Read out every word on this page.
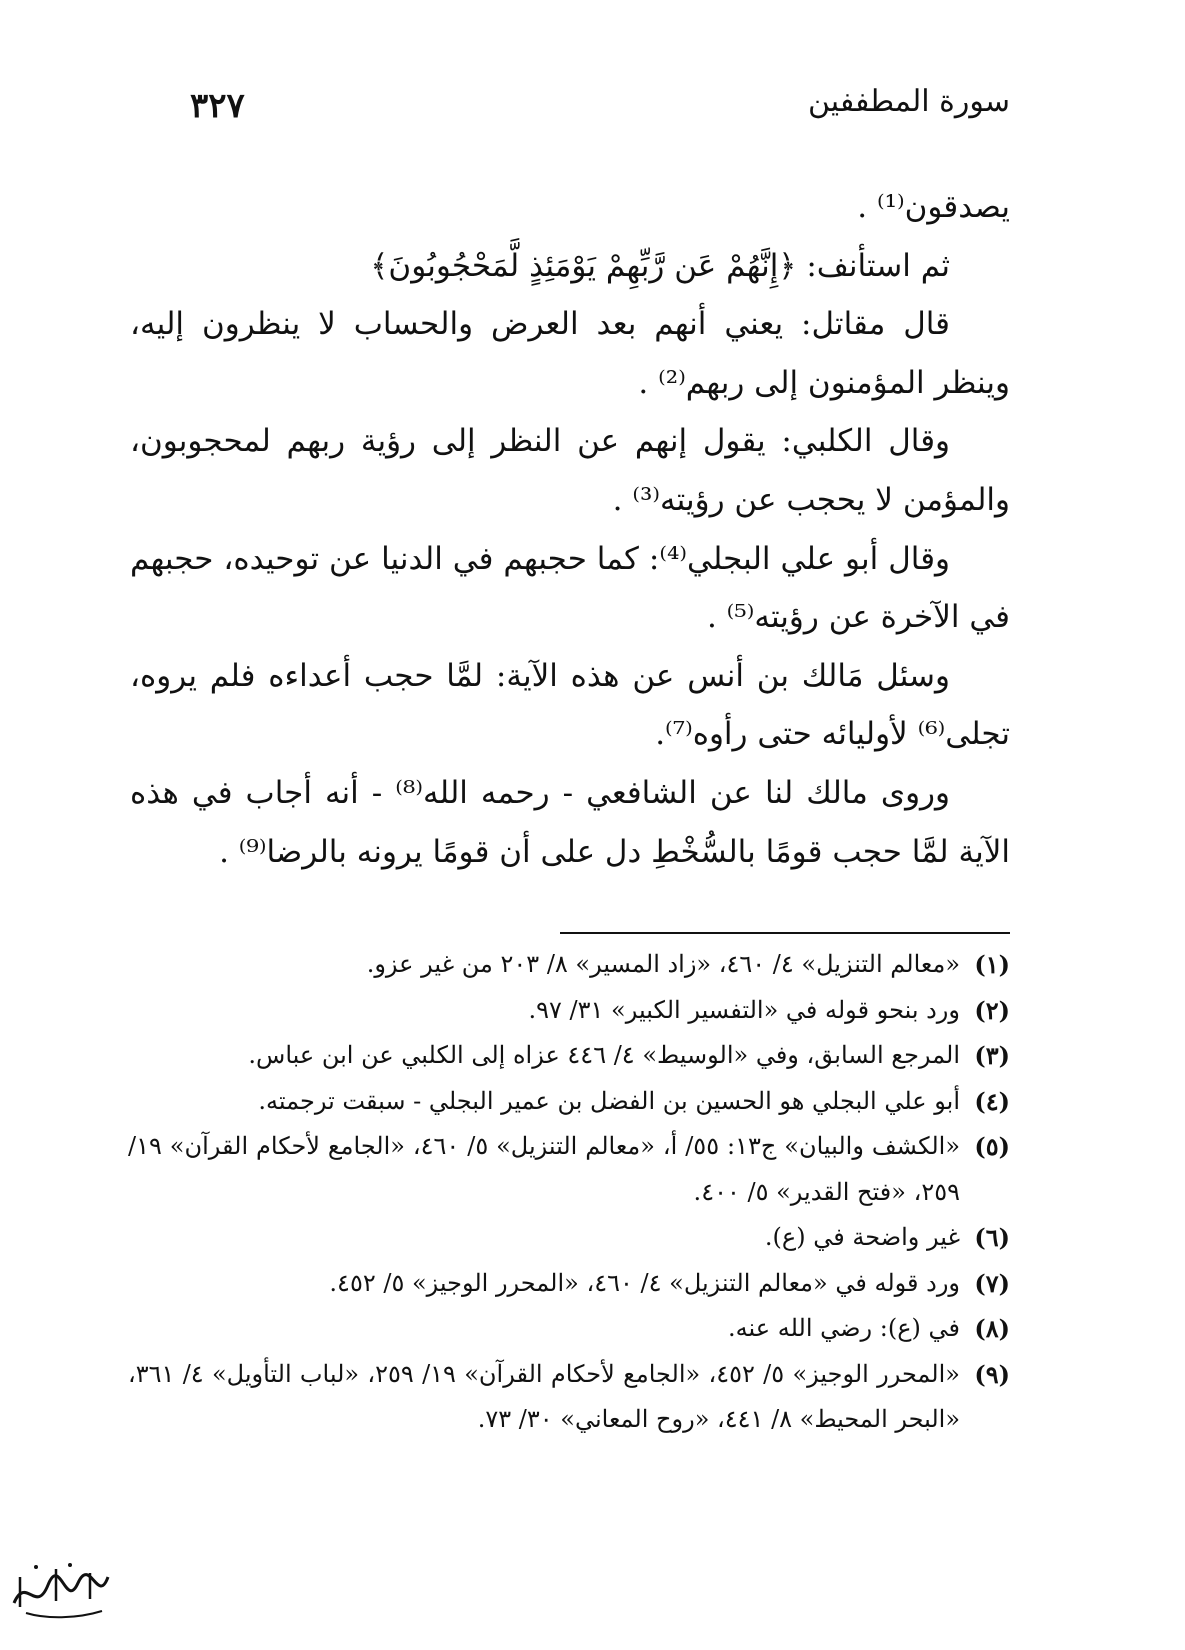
سورة المطففين
٣٢٧

يصدقون⁽¹⁾ .

ثم استأنف: ﴿إِنَّهُمْ عَن رَّبِّهِمْ يَوْمَئِذٍ لَّمَحْجُوبُونَ﴾

قال مقاتل: يعني أنهم بعد العرض والحساب لا ينظرون إليه، وينظر المؤمنون إلى ربهم⁽²⁾ .

وقال الكلبي: يقول إنهم عن النظر إلى رؤية ربهم لمحجوبون، والمؤمن لا يحجب عن رؤيته⁽³⁾ .

وقال أبو علي البجلي⁽⁴⁾: كما حجبهم في الدنيا عن توحيده، حجبهم في الآخرة عن رؤيته⁽⁵⁾ .

وسئل مَالك بن أنس عن هذه الآية: لمَّا حجب أعداءه فلم يروه، تجلى⁽⁶⁾ لأوليائه حتى رأوه⁽⁷⁾.

وروى مالك لنا عن الشافعي - رحمه الله⁽⁸⁾ - أنه أجاب في هذه الآية لمَّا حجب قومًا بالسُّخْطِ دل على أن قومًا يرونه بالرضا⁽⁹⁾ .

(١)
«معالم التنزيل» ٤/ ٤٦٠، «زاد المسير» ٨/ ٢٠٣ من غير عزو.

(٢)
ورد بنحو قوله في «التفسير الكبير» ٣١/ ٩٧.

(٣)
المرجع السابق، وفي «الوسيط» ٤/ ٤٤٦ عزاه إلى الكلبي عن ابن عباس.

(٤)
أبو علي البجلي هو الحسين بن الفضل بن عمير البجلي - سبقت ترجمته.

(٥)
«الكشف والبيان» ج١٣: ٥٥/ أ، «معالم التنزيل» ٥/ ٤٦٠، «الجامع لأحكام القرآن» ١٩/ ٢٥٩، «فتح القدير» ٥/ ٤٠٠.

(٦)
غير واضحة في (ع).

(٧)
ورد قوله في «معالم التنزيل» ٤/ ٤٦٠، «المحرر الوجيز» ٥/ ٤٥٢.

(٨)
في (ع): رضي الله عنه.

(٩)
«المحرر الوجيز» ٥/ ٤٥٢، «الجامع لأحكام القرآن» ١٩/ ٢٥٩، «لباب التأويل» ٤/ ٣٦١، «البحر المحيط» ٨/ ٤٤١، «روح المعاني» ٣٠/ ٧٣.
